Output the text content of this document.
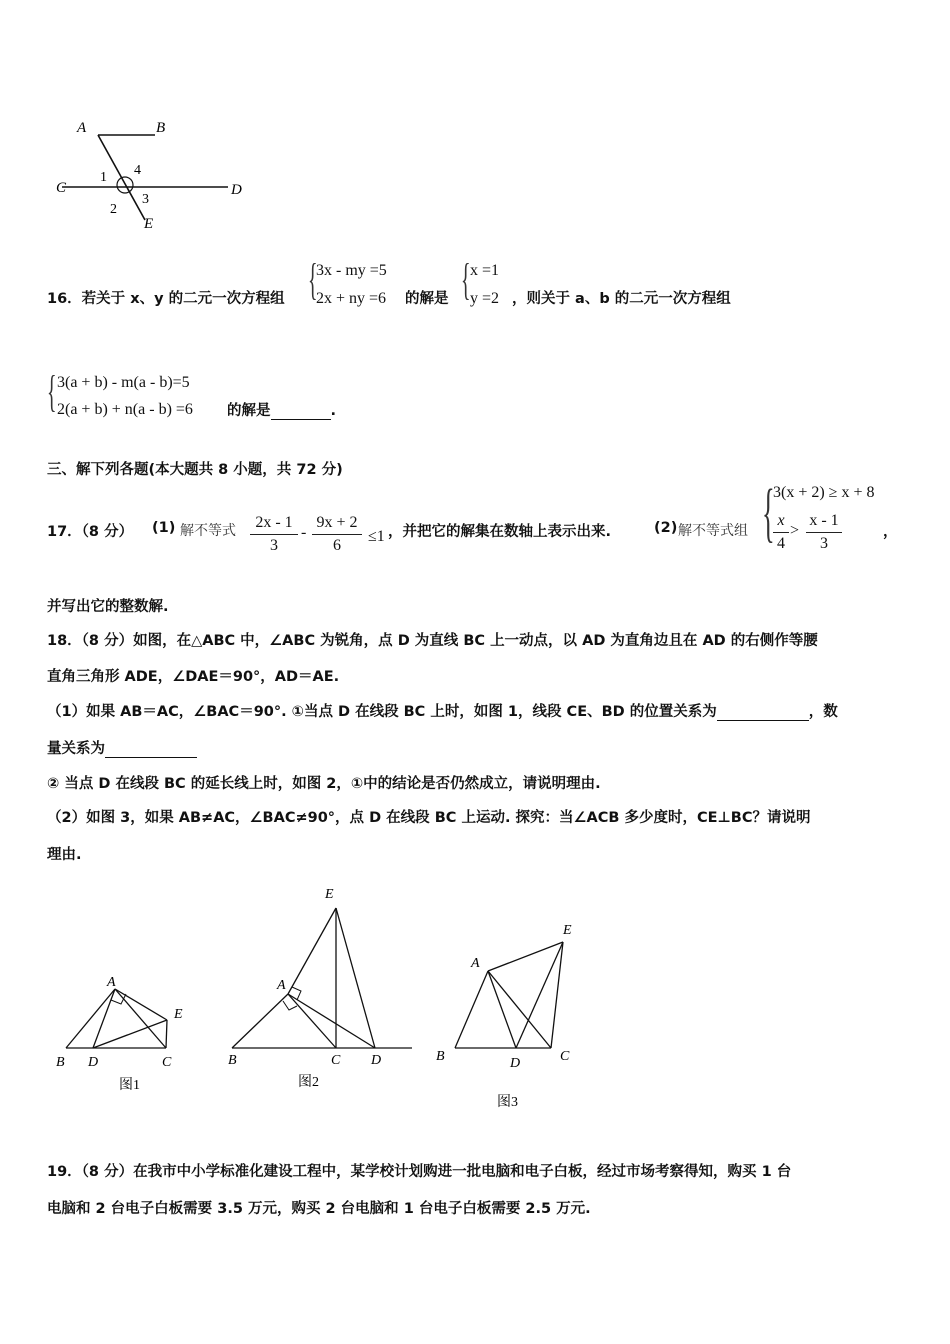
A	B
C	D
E
1
2
3
4
16．若关于 x、y 的二元一次方程组 {
3x - my =5
2x + ny =6 的解是 { x =1
y =2 ，则关于 a、b 的二元一次方程组
{ 3(a + b) - m(a - b)=5
2(a + b) + n(a - b) =6 的解是	.
三、解下列各题(本大题共 8 小题，共 72 分)
17．（8 分） (1) 解不等式	2x - 1
3
-
9x + 2
6
≤1 ，并把它的解集在数轴上表示出来.	(2) 解不等式组 {
3(x + 2) ≥ x + 8
x
4
>
x - 1
3
，
并写出它的整数解.
18．（8 分）如图，在△ABC 中，∠ABC 为锐角，点 D 为直线 BC 上一动点，以 AD 为直角边且在 AD 的右侧作等腰
直角三角形 ADE，∠DAE＝90°，AD＝AE.
（1）如果 AB＝AC，∠BAC＝90°. ①当点 D 在线段 BC 上时，如图 1，线段 CE、BD 的位置关系为	，数
量关系为
② 当点 D 在线段 BC 的延长线上时，如图 2，①中的结论是否仍然成立，请说明理由.
（2）如图 3，如果 AB≠AC，∠BAC≠90°，点 D 在线段 BC 上运动. 探究：当∠ACB 多少度时，CE⊥BC？请说明
理由.
A
B D	C
E
图1
A
B	C D
E
图2
A
B	D	C
E
图3
19．（8 分）在我市中小学标准化建设工程中，某学校计划购进一批电脑和电子白板，经过市场考察得知，购买 1 台
电脑和 2 台电子白板需要 3.5 万元，购买 2 台电脑和 1 台电子白板需要 2.5 万元.
